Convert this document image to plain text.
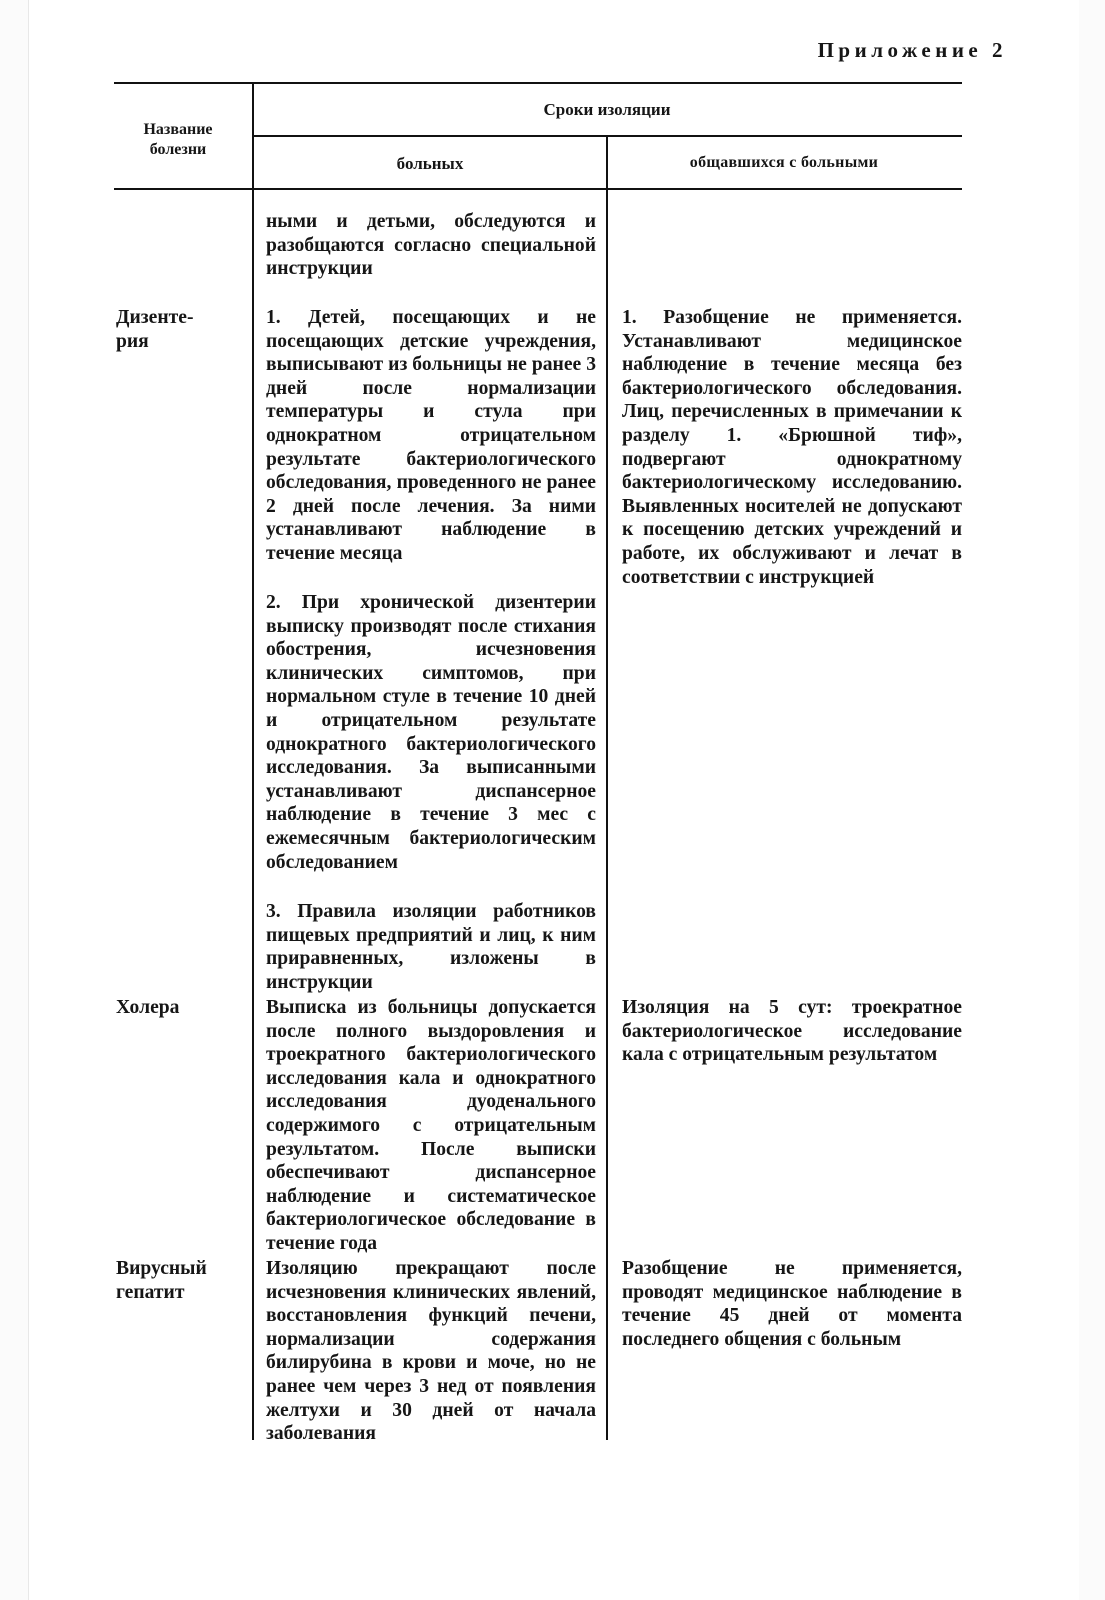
Приложение 2
Название болезни
Сроки изоляции
больных	общавшихся с больными
ными и детьми, обследуются и разобщаются согласно специальной инструкции
Дизенте-рия
1. Детей, посещающих и не посещающих детские учреждения, выписывают из больницы не ранее 3 дней после нормализации температуры и стула при однократном отрицательном результате бактериологического обследования, проведенного не ранее 2 дней после лечения. За ними устанавливают наблюдение в течение месяца
2. При хронической дизентерии выписку производят после стихания обострения, исчезновения клинических симптомов, при нормальном стуле в течение 10 дней и отрицательном результате однократного бактериологического исследования. За выписанными устанавливают диспансерное наблюдение в течение 3 мес с ежемесячным бактериологическим обследованием
3. Правила изоляции работников пищевых предприятий и лиц, к ним приравненных, изложены в инструкции
1. Разобщение не применяется. Устанавливают медицинское наблюдение в течение месяца без бактериологического обследования. Лиц, перечисленных в примечании к разделу 1. «Брюшной тиф», подвергают однократному бактериологическому исследованию. Выявленных носителей не допускают к посещению детских учреждений и работе, их обслуживают и лечат в соответствии с инструкцией
Холера	Выписка из больницы допускается после полного выздоровления и троекратного бактериологического исследования кала и однократного исследования дуоденального содержимого с отрицательным результатом. После выписки обеспечивают диспансерное наблюдение и систематическое бактериологическое обследование в течение года
Изоляция на 5 сут: троекратное бактериологическое исследование кала с отрицательным результатом
Вирусный гепатит
Изоляцию прекращают после исчезновения клинических явлений, восстановления функций печени, нормализации содержания билирубина в крови и моче, но не ранее чем через 3 нед от появления желтухи и 30 дней от начала заболевания
Разобщение не применяется, проводят медицинское наблюдение в течение 45 дней от момента последнего общения с больным
